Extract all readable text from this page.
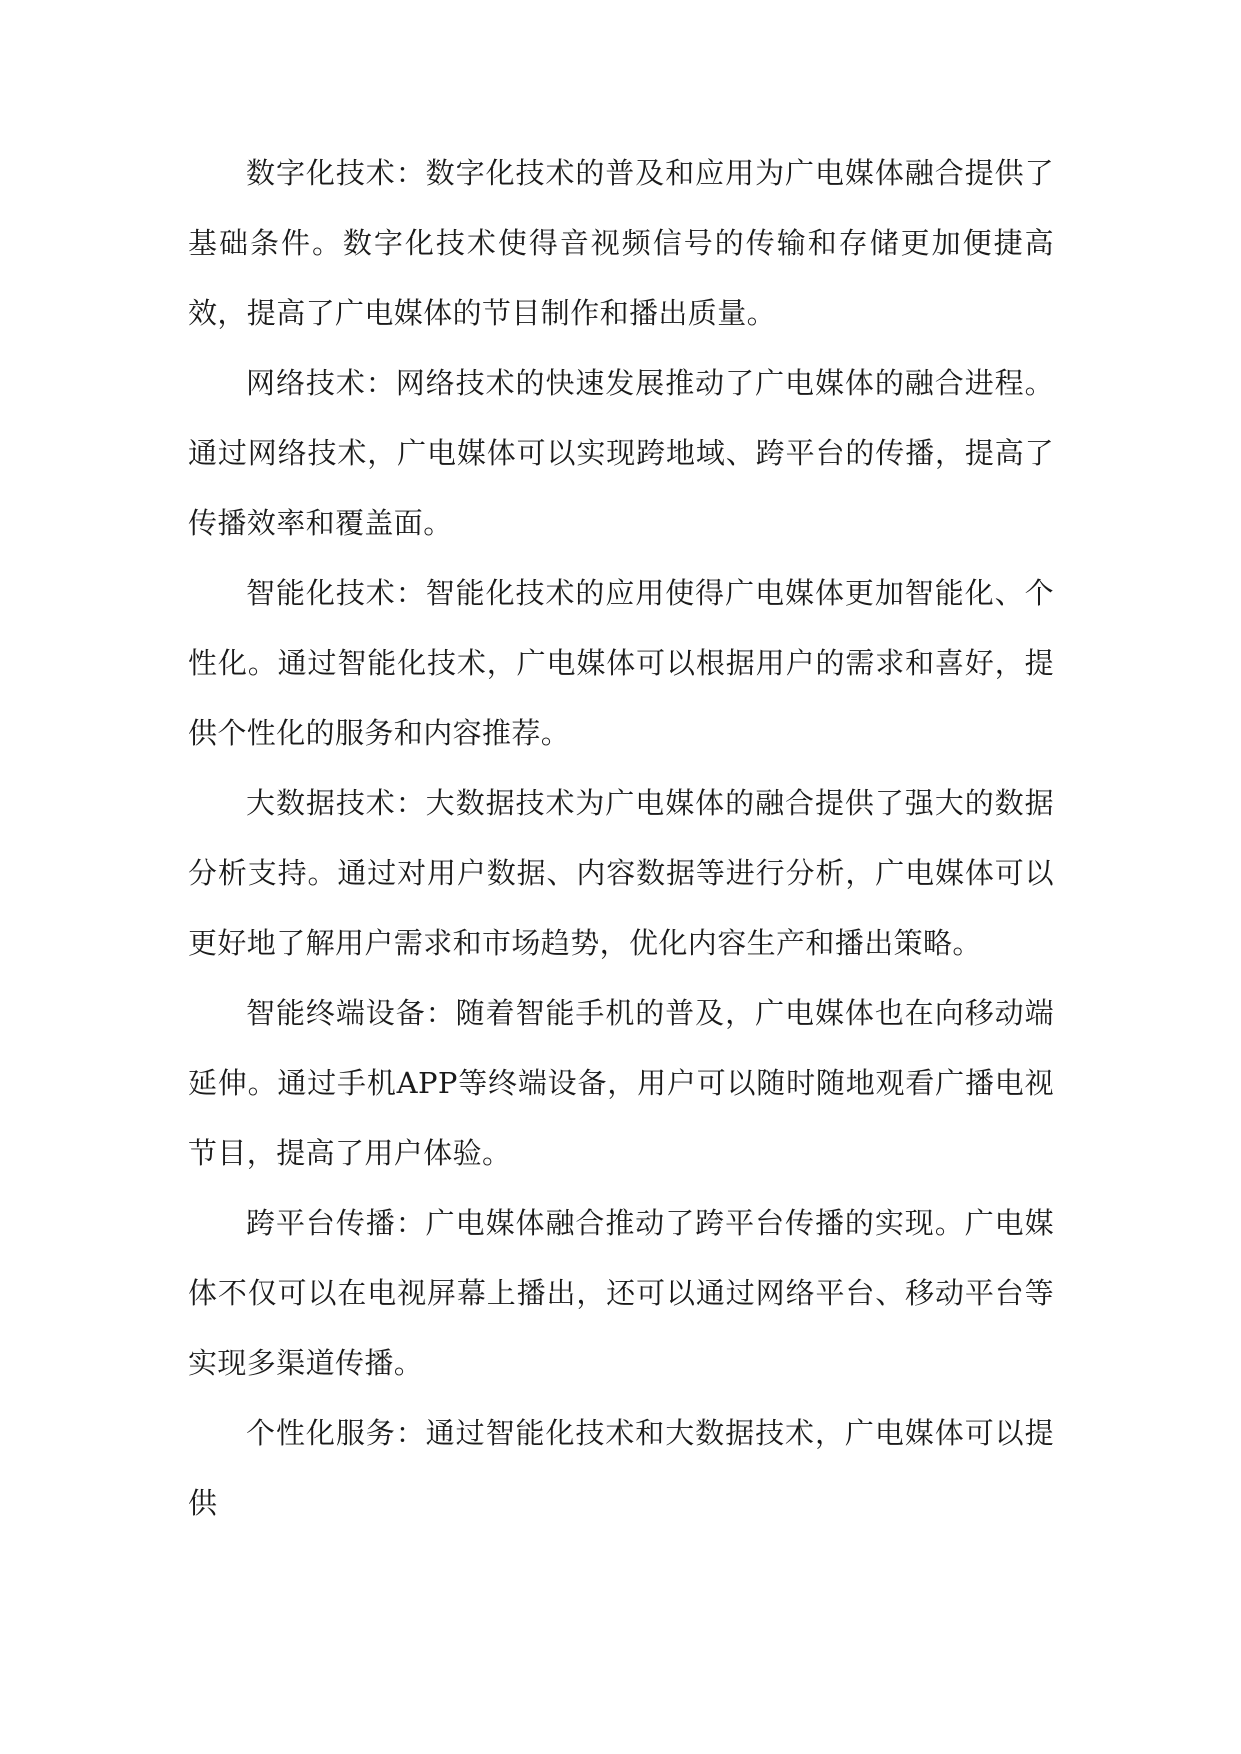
数字化技术：数字化技术的普及和应用为广电媒体融合提供了基础条件。数字化技术使得音视频信号的传输和存储更加便捷高效，提高了广电媒体的节目制作和播出质量。

网络技术：网络技术的快速发展推动了广电媒体的融合进程。通过网络技术，广电媒体可以实现跨地域、跨平台的传播，提高了传播效率和覆盖面。

智能化技术：智能化技术的应用使得广电媒体更加智能化、个性化。通过智能化技术，广电媒体可以根据用户的需求和喜好，提供个性化的服务和内容推荐。

大数据技术：大数据技术为广电媒体的融合提供了强大的数据分析支持。通过对用户数据、内容数据等进行分析，广电媒体可以更好地了解用户需求和市场趋势，优化内容生产和播出策略。

智能终端设备：随着智能手机的普及，广电媒体也在向移动端延伸。通过手机APP等终端设备，用户可以随时随地观看广播电视节目，提高了用户体验。

跨平台传播：广电媒体融合推动了跨平台传播的实现。广电媒体不仅可以在电视屏幕上播出，还可以通过网络平台、移动平台等实现多渠道传播。

个性化服务：通过智能化技术和大数据技术，广电媒体可以提供
